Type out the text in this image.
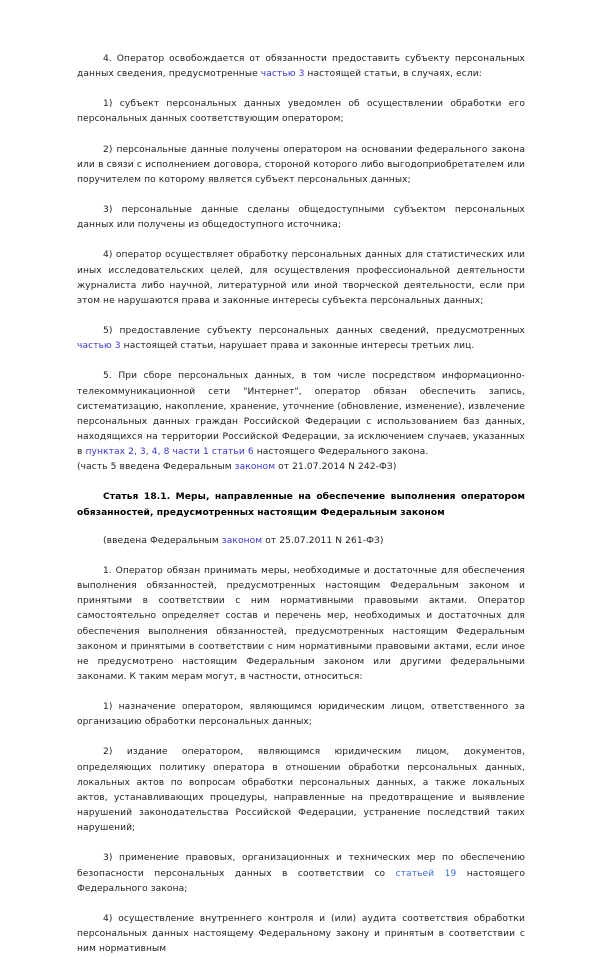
4. Оператор освобождается от обязанности предоставить субъекту персональных данных сведения, предусмотренные частью 3 настоящей статьи, в случаях, если:

1) субъект персональных данных уведомлен об осуществлении обработки его персональных данных соответствующим оператором;

2) персональные данные получены оператором на основании федерального закона или в связи с исполнением договора, стороной которого либо выгодоприобретателем или поручителем по которому является субъект персональных данных;

3) персональные данные сделаны общедоступными субъектом персональных данных или получены из общедоступного источника;

4) оператор осуществляет обработку персональных данных для статистических или иных исследовательских целей, для осуществления профессиональной деятельности журналиста либо научной, литературной или иной творческой деятельности, если при этом не нарушаются права и законные интересы субъекта персональных данных;

5) предоставление субъекту персональных данных сведений, предусмотренных частью 3 настоящей статьи, нарушает права и законные интересы третьих лиц.

5. При сборе персональных данных, в том числе посредством информационно-телекоммуникационной сети "Интернет", оператор обязан обеспечить запись, систематизацию, накопление, хранение, уточнение (обновление, изменение), извлечение персональных данных граждан Российской Федерации с использованием баз данных, находящихся на территории Российской Федерации, за исключением случаев, указанных в пунктах 2, 3, 4, 8 части 1 статьи 6 настоящего Федерального закона.

(часть 5 введена Федеральным законом от 21.07.2014 N 242-ФЗ)

Статья 18.1. Меры, направленные на обеспечение выполнения оператором обязанностей, предусмотренных настоящим Федеральным законом

(введена Федеральным законом от 25.07.2011 N 261-ФЗ)

1. Оператор обязан принимать меры, необходимые и достаточные для обеспечения выполнения обязанностей, предусмотренных настоящим Федеральным законом и принятыми в соответствии с ним нормативными правовыми актами. Оператор самостоятельно определяет состав и перечень мер, необходимых и достаточных для обеспечения выполнения обязанностей, предусмотренных настоящим Федеральным законом и принятыми в соответствии с ним нормативными правовыми актами, если иное не предусмотрено настоящим Федеральным законом или другими федеральными законами. К таким мерам могут, в частности, относиться:

1) назначение оператором, являющимся юридическим лицом, ответственного за организацию обработки персональных данных;

2) издание оператором, являющимся юридическим лицом, документов, определяющих политику оператора в отношении обработки персональных данных, локальных актов по вопросам обработки персональных данных, а также локальных актов, устанавливающих процедуры, направленные на предотвращение и выявление нарушений законодательства Российской Федерации, устранение последствий таких нарушений;

3) применение правовых, организационных и технических мер по обеспечению безопасности персональных данных в соответствии со статьей 19 настоящего Федерального закона;

4) осуществление внутреннего контроля и (или) аудита соответствия обработки персональных данных настоящему Федеральному закону и принятым в соответствии с ним нормативным
